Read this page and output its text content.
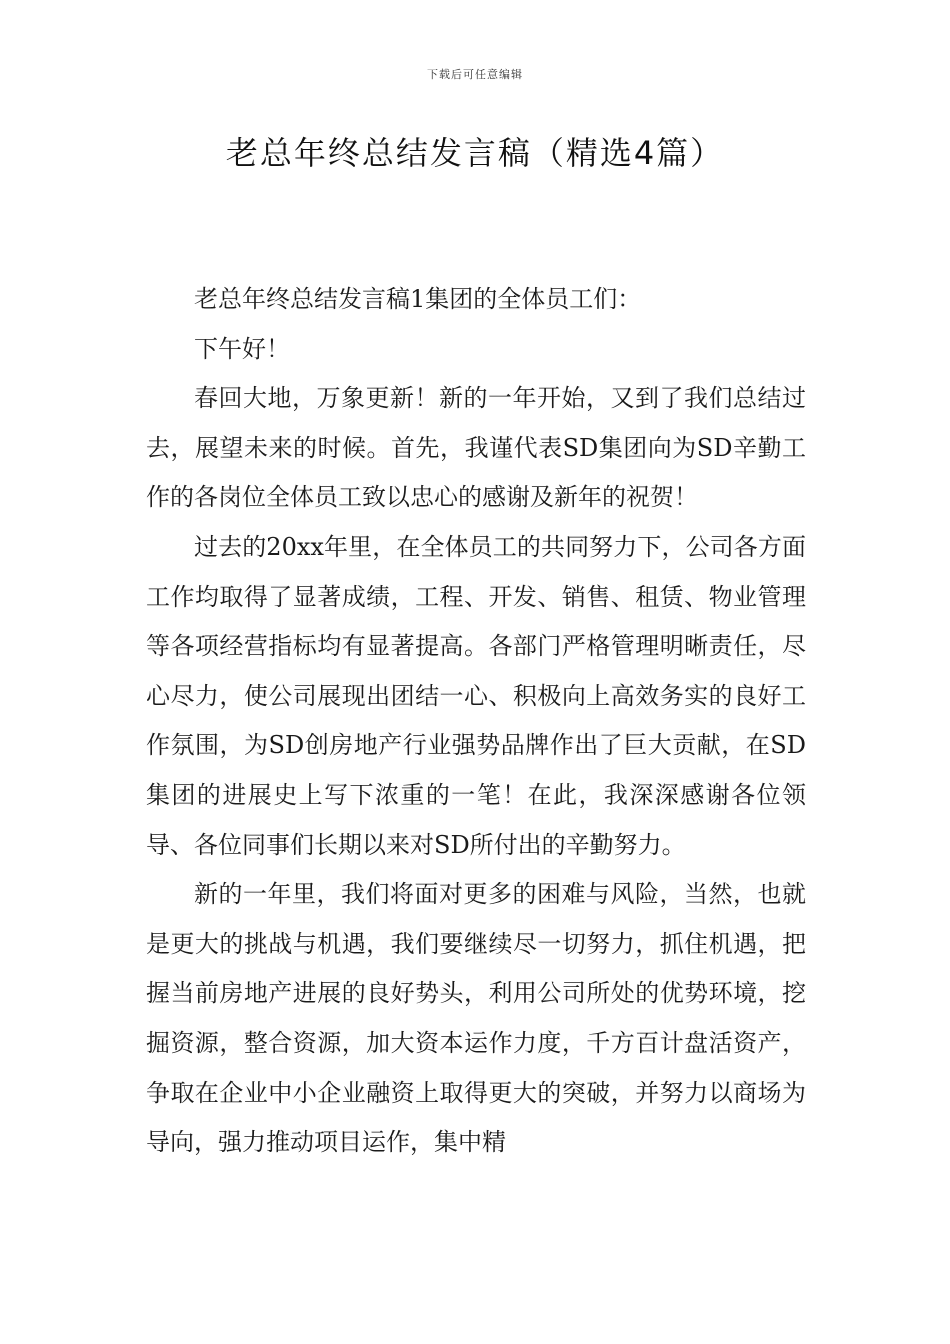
下载后可任意编辑
老总年终总结发言稿（精选4篇）

老总年终总结发言稿1集团的全体员工们：

下午好！

春回大地，万象更新！新的一年开始，又到了我们总结过去，展望未来的时候。首先，我谨代表SD集团向为SD辛勤工作的各岗位全体员工致以忠心的感谢及新年的祝贺！

过去的20xx年里，在全体员工的共同努力下，公司各方面工作均取得了显著成绩，工程、开发、销售、租赁、物业管理等各项经营指标均有显著提高。各部门严格管理明晰责任，尽心尽力，使公司展现出团结一心、积极向上高效务实的良好工作氛围，为SD创房地产行业强势品牌作出了巨大贡献，在SD集团的进展史上写下浓重的一笔！在此，我深深感谢各位领导、各位同事们长期以来对SD所付出的辛勤努力。

新的一年里，我们将面对更多的困难与风险，当然，也就是更大的挑战与机遇，我们要继续尽一切努力，抓住机遇，把握当前房地产进展的良好势头，利用公司所处的优势环境，挖掘资源，整合资源，加大资本运作力度，千方百计盘活资产，争取在企业中小企业融资上取得更大的突破，并努力以商场为导向，强力推动项目运作，集中精
